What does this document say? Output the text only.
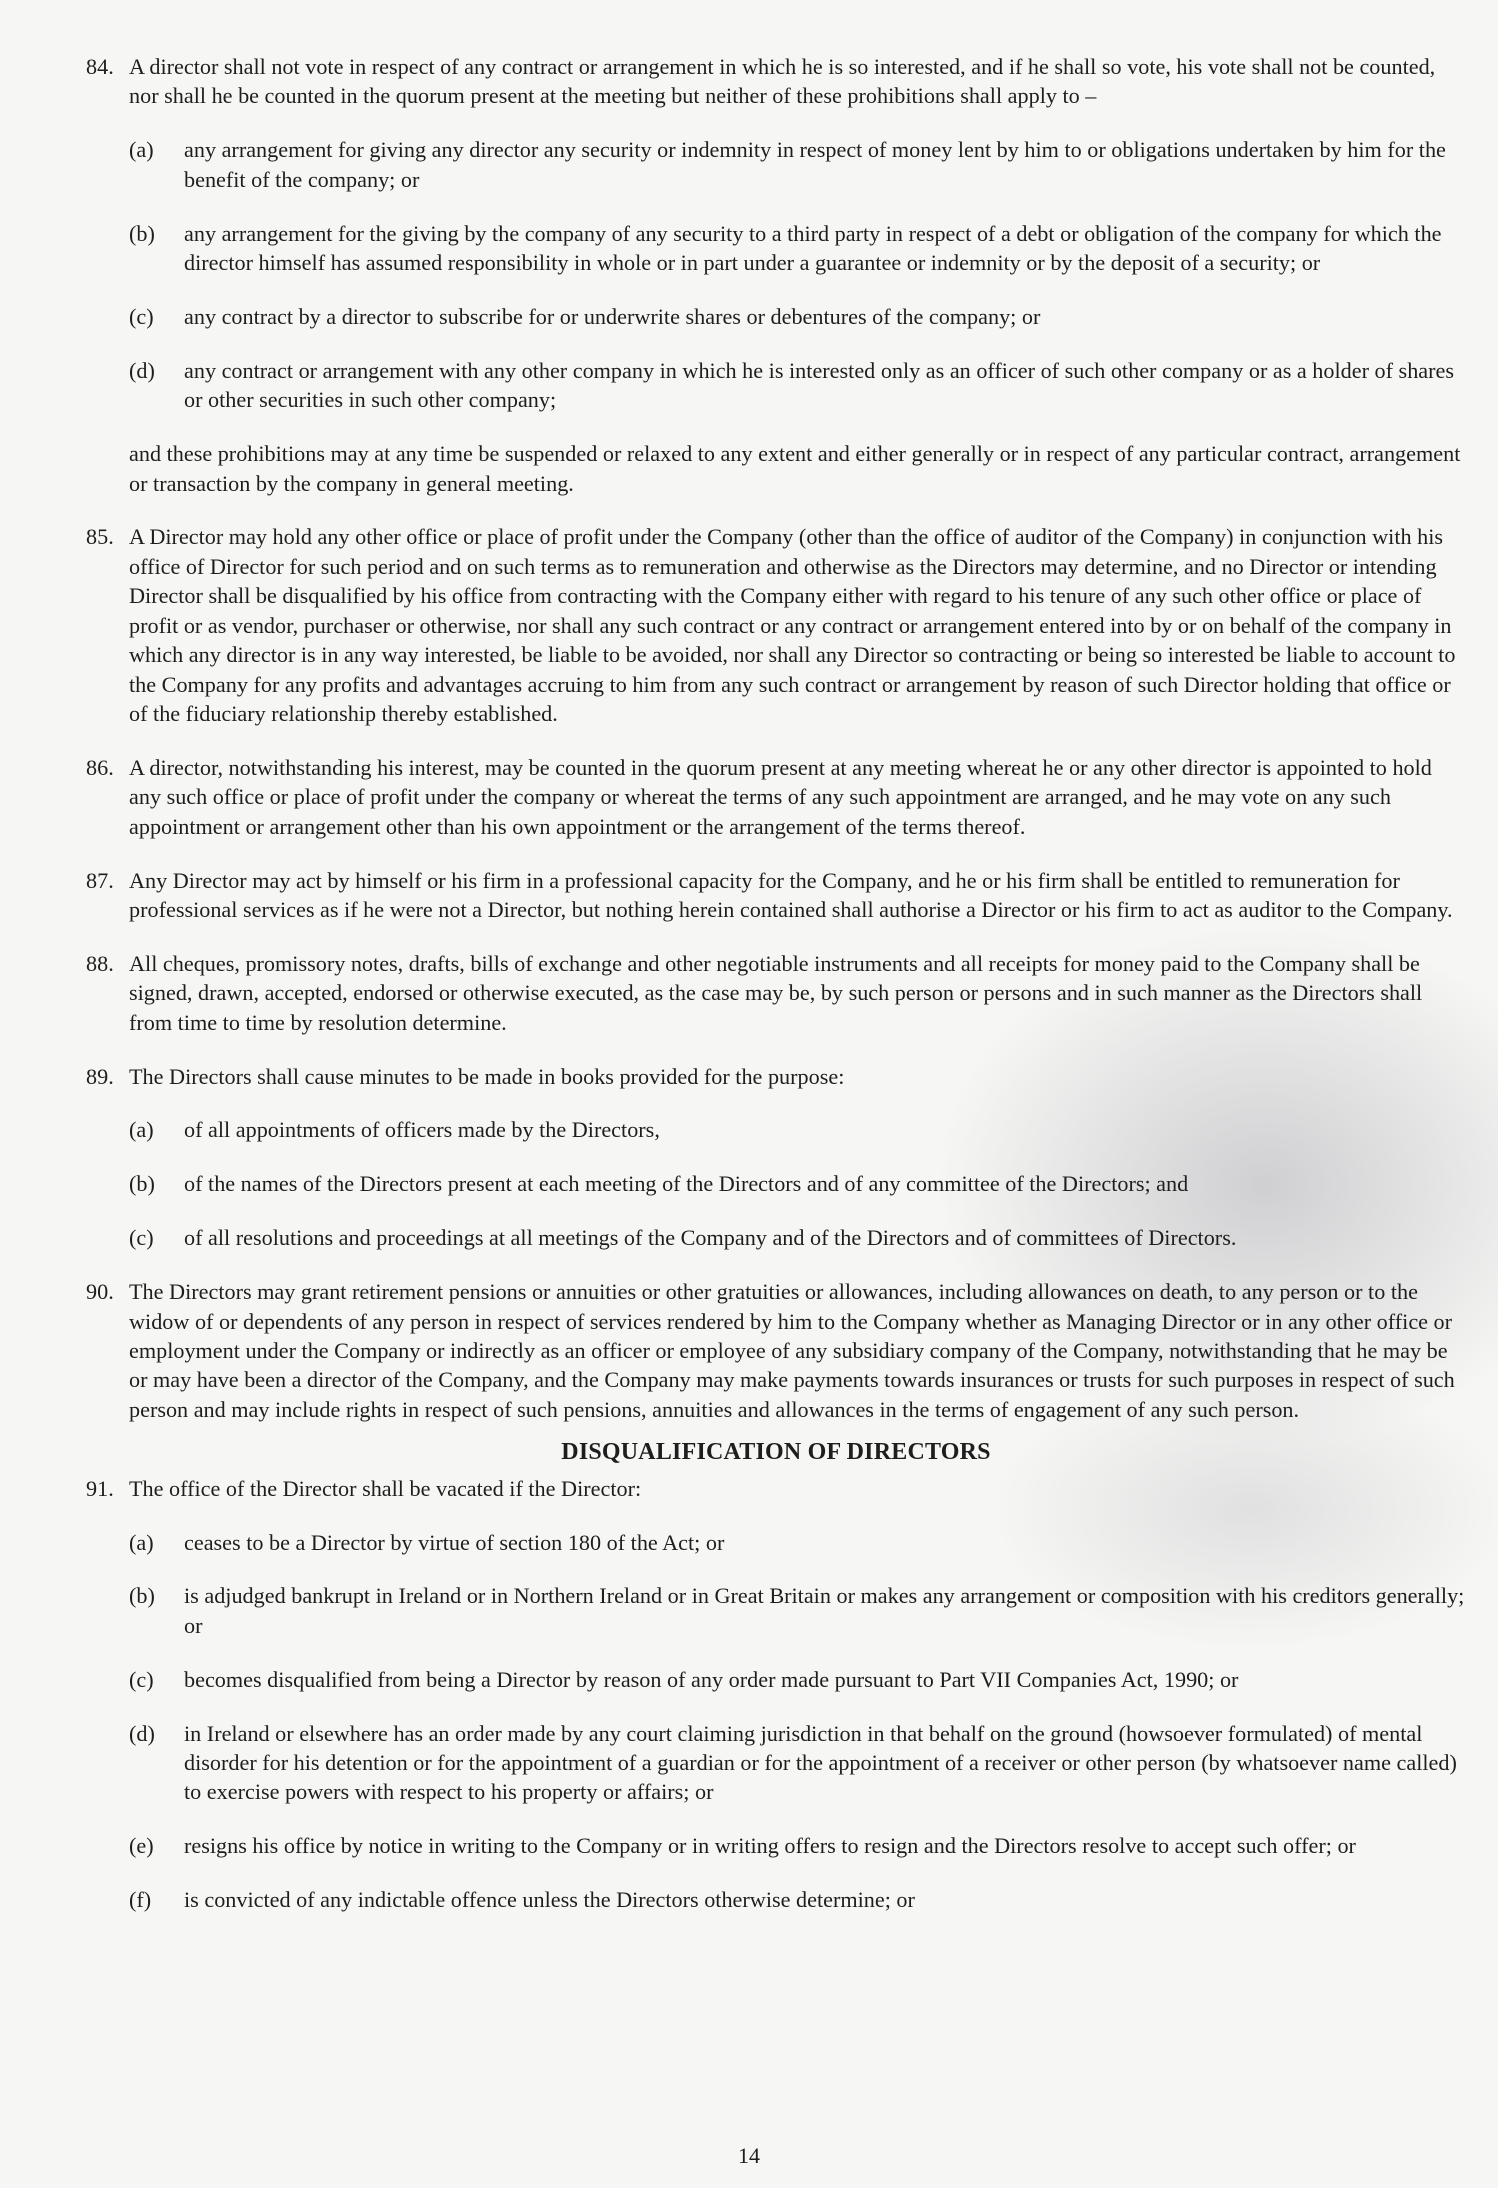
84. A director shall not vote in respect of any contract or arrangement in which he is so interested, and if he shall so vote, his vote shall not be counted, nor shall he be counted in the quorum present at the meeting but neither of these prohibitions shall apply to –
(a) any arrangement for giving any director any security or indemnity in respect of money lent by him to or obligations undertaken by him for the benefit of the company; or
(b) any arrangement for the giving by the company of any security to a third party in respect of a debt or obligation of the company for which the director himself has assumed responsibility in whole or in part under a guarantee or indemnity or by the deposit of a security; or
(c) any contract by a director to subscribe for or underwrite shares or debentures of the company; or
(d) any contract or arrangement with any other company in which he is interested only as an officer of such other company or as a holder of shares or other securities in such other company;
and these prohibitions may at any time be suspended or relaxed to any extent and either generally or in respect of any particular contract, arrangement or transaction by the company in general meeting.
85. A Director may hold any other office or place of profit under the Company (other than the office of auditor of the Company) in conjunction with his office of Director for such period and on such terms as to remuneration and otherwise as the Directors may determine, and no Director or intending Director shall be disqualified by his office from contracting with the Company either with regard to his tenure of any such other office or place of profit or as vendor, purchaser or otherwise, nor shall any such contract or any contract or arrangement entered into by or on behalf of the company in which any director is in any way interested, be liable to be avoided, nor shall any Director so contracting or being so interested be liable to account to the Company for any profits and advantages accruing to him from any such contract or arrangement by reason of such Director holding that office or of the fiduciary relationship thereby established.
86. A director, notwithstanding his interest, may be counted in the quorum present at any meeting whereat he or any other director is appointed to hold any such office or place of profit under the company or whereat the terms of any such appointment are arranged, and he may vote on any such appointment or arrangement other than his own appointment or the arrangement of the terms thereof.
87. Any Director may act by himself or his firm in a professional capacity for the Company, and he or his firm shall be entitled to remuneration for professional services as if he were not a Director, but nothing herein contained shall authorise a Director or his firm to act as auditor to the Company.
88. All cheques, promissory notes, drafts, bills of exchange and other negotiable instruments and all receipts for money paid to the Company shall be signed, drawn, accepted, endorsed or otherwise executed, as the case may be, by such person or persons and in such manner as the Directors shall from time to time by resolution determine.
89. The Directors shall cause minutes to be made in books provided for the purpose:
(a) of all appointments of officers made by the Directors,
(b) of the names of the Directors present at each meeting of the Directors and of any committee of the Directors; and
(c) of all resolutions and proceedings at all meetings of the Company and of the Directors and of committees of Directors.
90. The Directors may grant retirement pensions or annuities or other gratuities or allowances, including allowances on death, to any person or to the widow of or dependents of any person in respect of services rendered by him to the Company whether as Managing Director or in any other office or employment under the Company or indirectly as an officer or employee of any subsidiary company of the Company, notwithstanding that he may be or may have been a director of the Company, and the Company may make payments towards insurances or trusts for such purposes in respect of such person and may include rights in respect of such pensions, annuities and allowances in the terms of engagement of any such person.
DISQUALIFICATION OF DIRECTORS
91. The office of the Director shall be vacated if the Director:
(a) ceases to be a Director by virtue of section 180 of the Act; or
(b) is adjudged bankrupt in Ireland or in Northern Ireland or in Great Britain or makes any arrangement or composition with his creditors generally; or
(c) becomes disqualified from being a Director by reason of any order made pursuant to Part VII Companies Act, 1990; or
(d) in Ireland or elsewhere has an order made by any court claiming jurisdiction in that behalf on the ground (howsoever formulated) of mental disorder for his detention or for the appointment of a guardian or for the appointment of a receiver or other person (by whatsoever name called) to exercise powers with respect to his property or affairs; or
(e) resigns his office by notice in writing to the Company or in writing offers to resign and the Directors resolve to accept such offer; or
(f) is convicted of any indictable offence unless the Directors otherwise determine; or
14
